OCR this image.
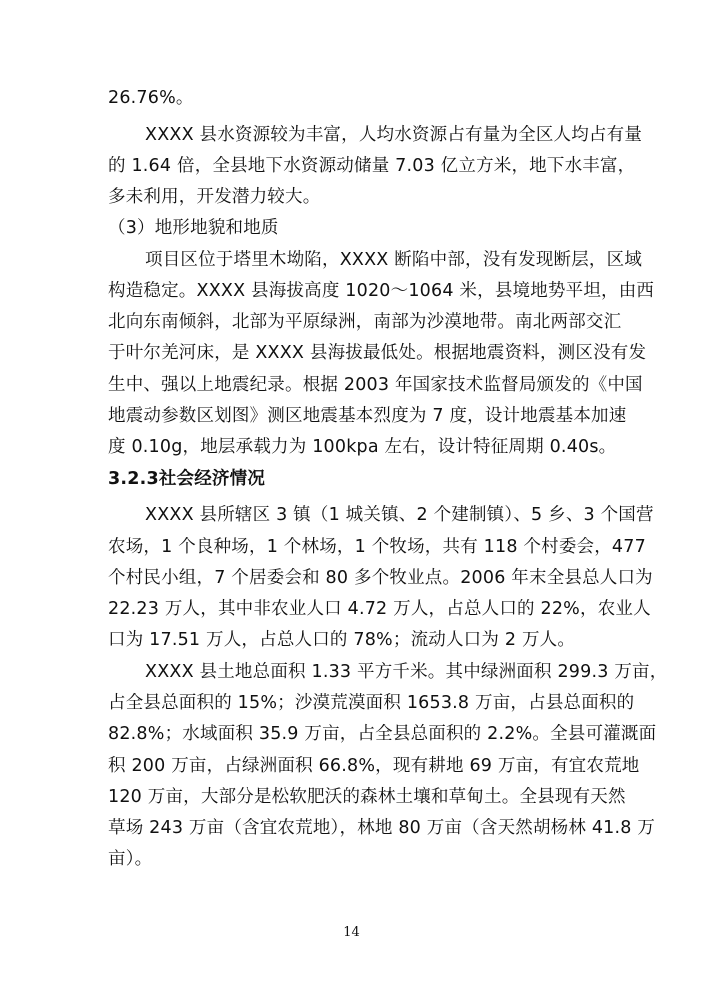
26.76%。
XXXX 县水资源较为丰富，人均水资源占有量为全区人均占有量
的 1.64 倍，全县地下水资源动储量 7.03 亿立方米，地下水丰富，
多未利用，开发潜力较大。
（3）地形地貌和地质
项目区位于塔里木坳陷，XXXX 断陷中部，没有发现断层，区域
构造稳定。XXXX 县海拔高度 1020～1064 米，县境地势平坦，由西
北向东南倾斜，北部为平原绿洲，南部为沙漠地带。南北两部交汇
于叶尔羌河床，是 XXXX 县海拔最低处。根据地震资料，测区没有发
生中、强以上地震纪录。根据 2003 年国家技术监督局颁发的《中国
地震动参数区划图》测区地震基本烈度为 7 度，设计地震基本加速
度 0.10g，地层承载力为 100kpa 左右，设计特征周期 0.40s。
3.2.3社会经济情况
XXXX 县所辖区 3 镇（1 城关镇、2 个建制镇）、5 乡、3 个国营
农场，1 个良种场，1 个林场，1 个牧场，共有 118 个村委会，477
个村民小组，7 个居委会和 80 多个牧业点。2006 年末全县总人口为
22.23 万人，其中非农业人口 4.72 万人，占总人口的 22%，农业人
口为 17.51 万人，占总人口的 78%；流动人口为 2 万人。
XXXX 县土地总面积 1.33 平方千米。其中绿洲面积 299.3 万亩，
占全县总面积的 15%；沙漠荒漠面积 1653.8 万亩，占县总面积的
82.8%；水域面积 35.9 万亩，占全县总面积的 2.2%。全县可灌溉面
积 200 万亩，占绿洲面积 66.8%，现有耕地 69 万亩，有宜农荒地
120 万亩，大部分是松软肥沃的森林土壤和草甸土。全县现有天然
草场 243 万亩（含宜农荒地），林地 80 万亩（含天然胡杨林 41.8 万
亩）。
14
